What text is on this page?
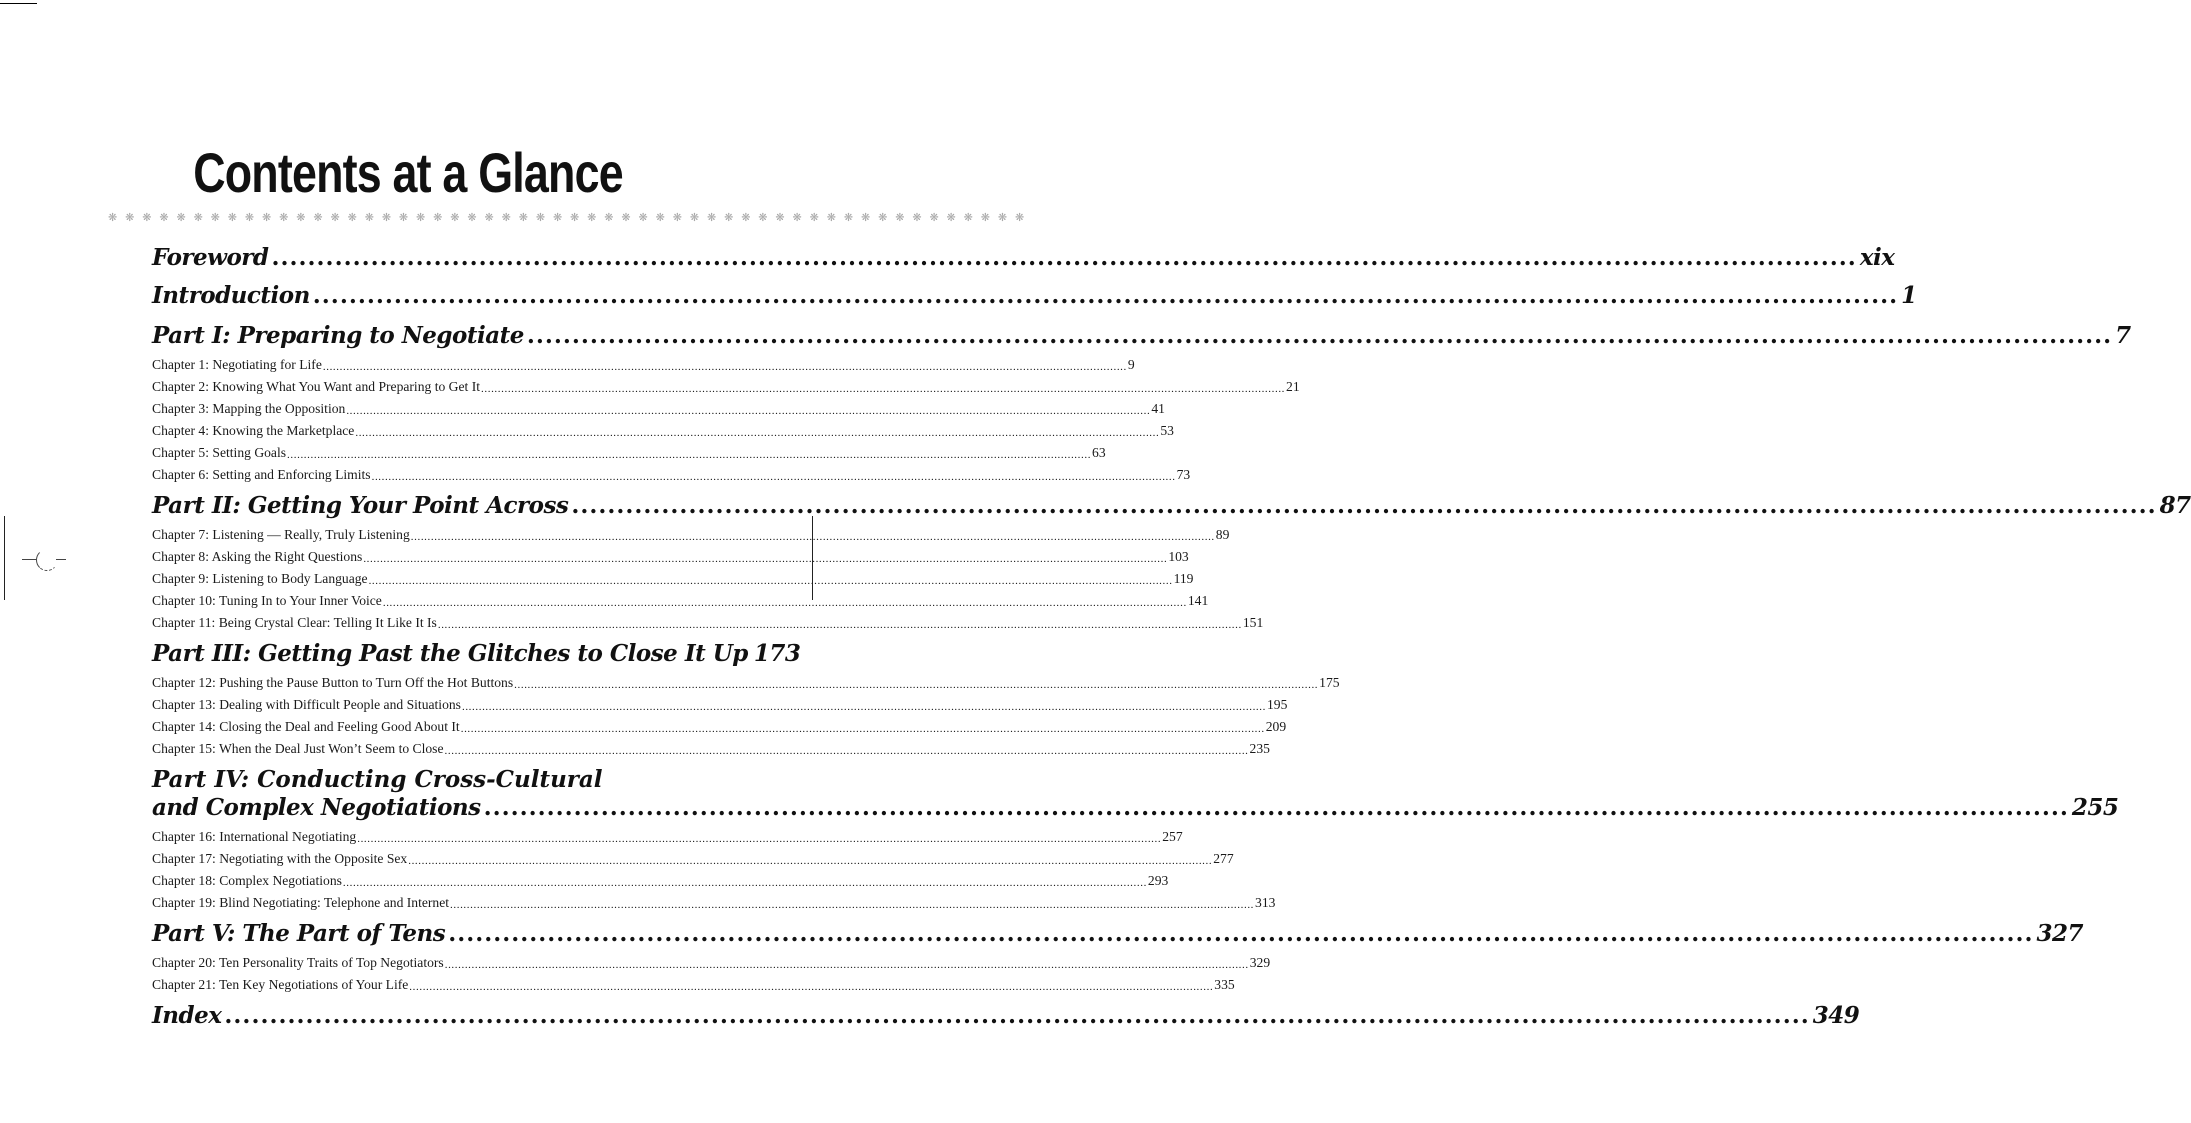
Contents at a Glance
❋ ❋ ❋ ❋ ❋ ❋ ❋ ❋ ❋ ❋ ❋ ❋ ❋ ❋ ❋ ❋ ❋ ❋ ❋ ❋ ❋ ❋ ❋ ❋ ❋ ❋ ❋ ❋ ❋ ❋ ❋ ❋ ❋ ❋ ❋ ❋ ❋ ❋ ❋ ❋ ❋ ❋ ❋ ❋ ❋ ❋ ❋ ❋ ❋ ❋ ❋ ❋ ❋ ❋
Foreword .....	xix
Introduction .....	1
Part I: Preparing to Negotiate .....	7
Chapter 1: Negotiating for Life .....	9
Chapter 2: Knowing What You Want and Preparing to Get It .....	21
Chapter 3: Mapping the Opposition .....	41
Chapter 4: Knowing the Marketplace .....	53
Chapter 5: Setting Goals .....	63
Chapter 6: Setting and Enforcing Limits .....	73
Part II: Getting Your Point Across .....	87
Chapter 7: Listening — Really, Truly Listening .....	89
Chapter 8: Asking the Right Questions .....	103
Chapter 9: Listening to Body Language .....	119
Chapter 10: Tuning In to Your Inner Voice .....	141
Chapter 11: Being Crystal Clear: Telling It Like It Is .....	151
Part III: Getting Past the Glitches to Close It Up 173
Chapter 12: Pushing the Pause Button to Turn Off the Hot Buttons .....	175
Chapter 13: Dealing with Difficult People and Situations .....	195
Chapter 14: Closing the Deal and Feeling Good About It .....	209
Chapter 15: When the Deal Just Won’t Seem to Close .....	235
Part IV: Conducting Cross-Cultural
and Complex Negotiations .....	255
Chapter 16: International Negotiating .....	257
Chapter 17: Negotiating with the Opposite Sex .....	277
Chapter 18: Complex Negotiations .....	293
Chapter 19: Blind Negotiating: Telephone and Internet .....	313
Part V: The Part of Tens .....	327
Chapter 20: Ten Personality Traits of Top Negotiators .....	329
Chapter 21: Ten Key Negotiations of Your Life .....	335
Index .....	349
